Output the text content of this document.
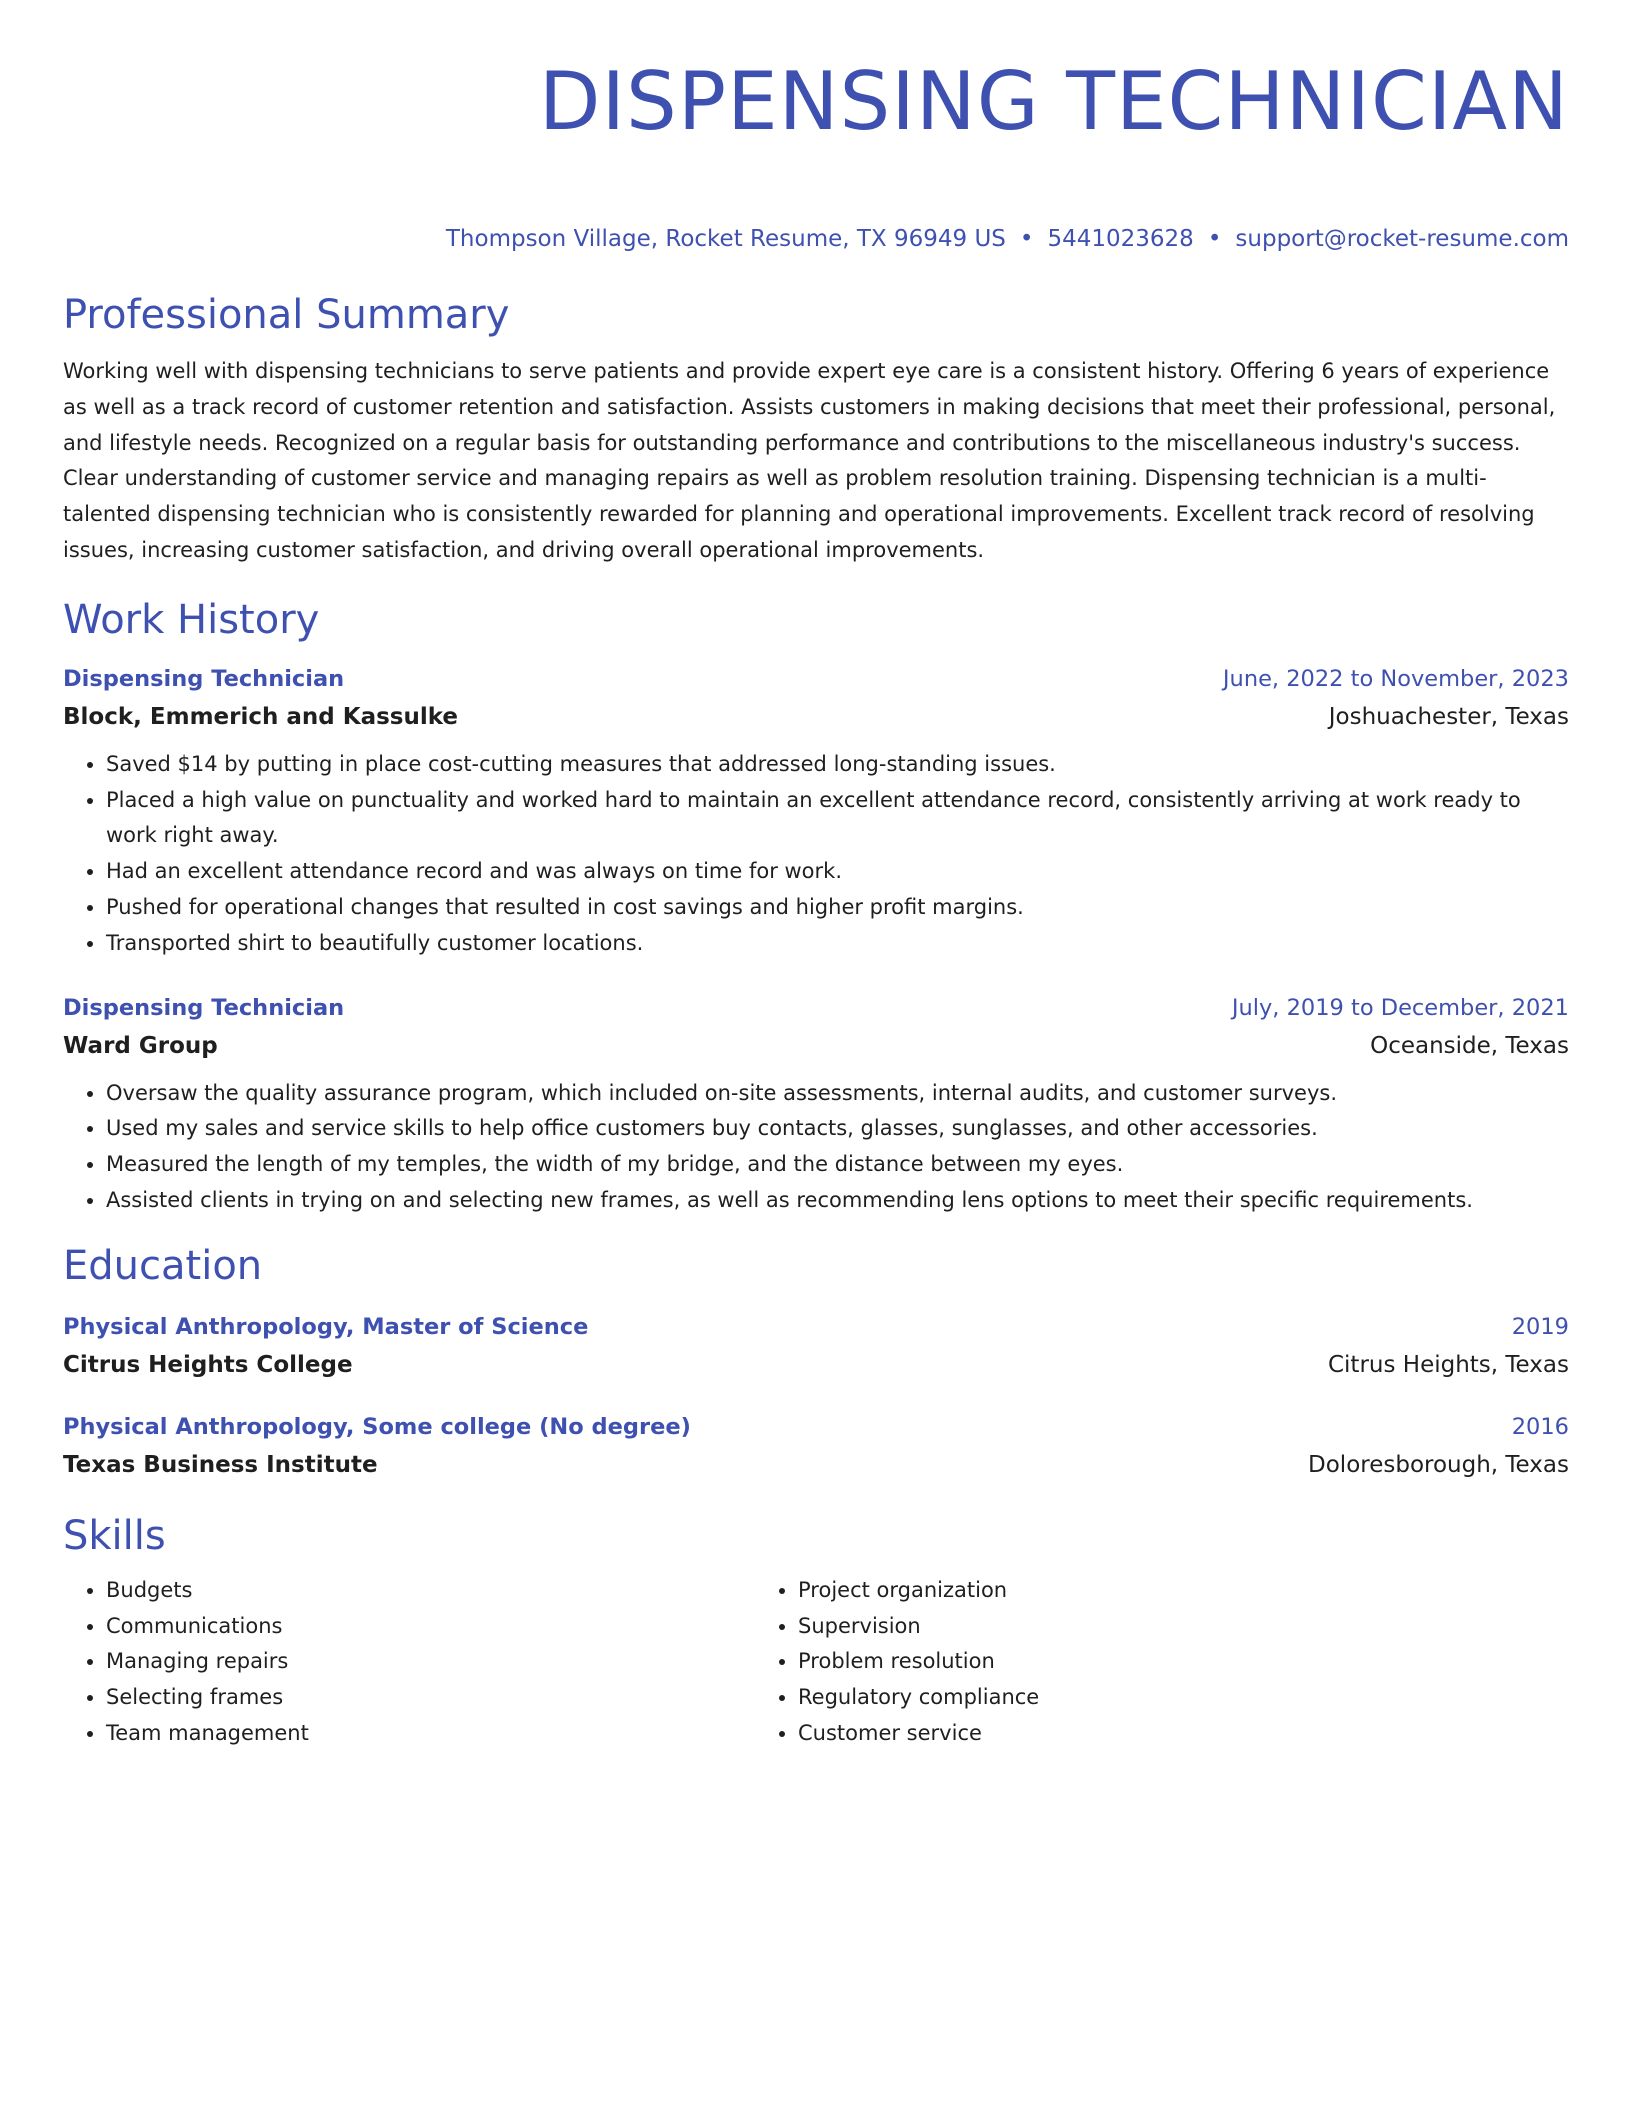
DISPENSING TECHNICIAN
Thompson Village, Rocket Resume, TX 96949 US • 5441023628 • support@rocket-resume.com
Professional Summary

Working well with dispensing technicians to serve patients and provide expert eye care is a consistent history. Offering 6 years of experience as well as a track record of customer retention and satisfaction. Assists customers in making decisions that meet their professional, personal, and lifestyle needs. Recognized on a regular basis for outstanding performance and contributions to the miscellaneous industry's success. Clear understanding of customer service and managing repairs as well as problem resolution training. Dispensing technician is a multi-talented dispensing technician who is consistently rewarded for planning and operational improvements. Excellent track record of resolving issues, increasing customer satisfaction, and driving overall operational improvements.

Work History
Dispensing Technician	June, 2022 to November, 2023
Block, Emmerich and Kassulke	Joshuachester, Texas
• Saved $14 by putting in place cost-cutting measures that addressed long-standing issues.
• Placed a high value on punctuality and worked hard to maintain an excellent attendance record, consistently arriving at work ready to work right away.
• Had an excellent attendance record and was always on time for work.
• Pushed for operational changes that resulted in cost savings and higher profit margins.
• Transported shirt to beautifully customer locations.
Dispensing Technician	July, 2019 to December, 2021
Ward Group	Oceanside, Texas
• Oversaw the quality assurance program, which included on-site assessments, internal audits, and customer surveys.
• Used my sales and service skills to help office customers buy contacts, glasses, sunglasses, and other accessories.
• Measured the length of my temples, the width of my bridge, and the distance between my eyes.
• Assisted clients in trying on and selecting new frames, as well as recommending lens options to meet their specific requirements.
Education
Physical Anthropology, Master of Science	2019
Citrus Heights College	Citrus Heights, Texas
Physical Anthropology, Some college (No degree)	2016
Texas Business Institute	Doloresborough, Texas
Skills
• Budgets
• Communications
• Managing repairs
• Selecting frames
• Team management
• Project organization
• Supervision
• Problem resolution
• Regulatory compliance
• Customer service
